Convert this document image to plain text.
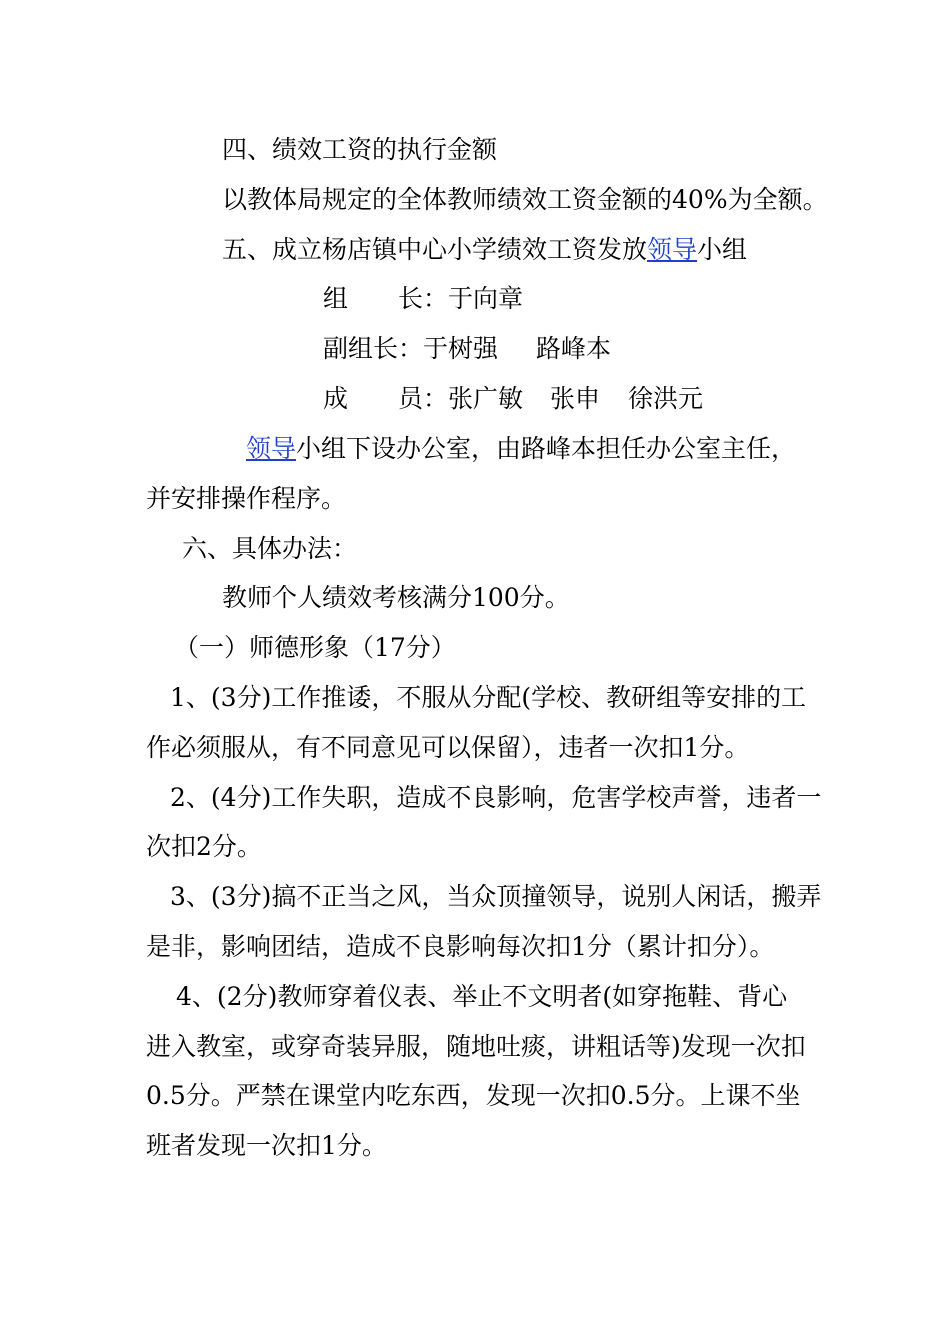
四、绩效工资的执行金额
以教体局规定的全体教师绩效工资金额的40%为全额。
五、成立杨店镇中心小学绩效工资发放领导小组
组　　长：于向章
副组长：于树强 路峰本
成　　员：张广敏 张申 徐洪元
领导小组下设办公室，由路峰本担任办公室主任，
并安排操作程序。
六、具体办法：
教师个人绩效考核满分100分。
（一）师德形象（17分）
1、(3分)工作推诿，不服从分配(学校、教研组等安排的工
作必须服从，有不同意见可以保留），违者一次扣1分。
2、(4分)工作失职，造成不良影响，危害学校声誉，违者一
次扣2分。
3、(3分)搞不正当之风，当众顶撞领导，说别人闲话，搬弄
是非，影响团结，造成不良影响每次扣1分（累计扣分）。
4、(2分)教师穿着仪表、举止不文明者(如穿拖鞋、背心
进入教室，或穿奇装异服，随地吐痰，讲粗话等)发现一次扣
0.5分。严禁在课堂内吃东西，发现一次扣0.5分。上课不坐
班者发现一次扣1分。
